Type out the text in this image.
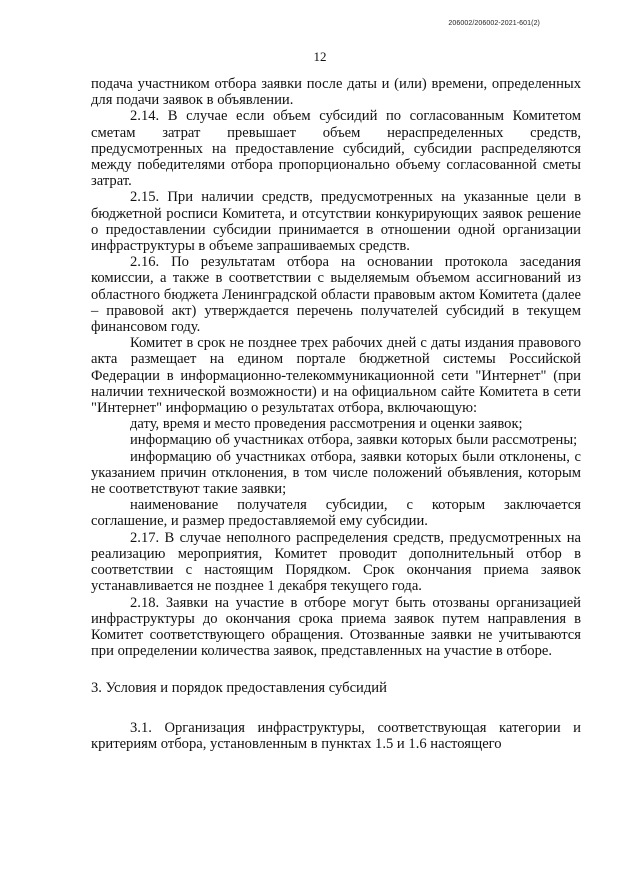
206002/206002-2021-601(2)
12

подача участником отбора заявки после даты и (или) времени, определенных для подачи заявок в объявлении.

2.14. В случае если объем субсидий по согласованным Комитетом сметам затрат превышает объем нераспределенных средств, предусмотренных на предоставление субсидий, субсидии распределяются между победителями отбора пропорционально объему согласованной сметы затрат.

2.15. При наличии средств, предусмотренных на указанные цели в бюджетной росписи Комитета, и отсутствии конкурирующих заявок решение о предоставлении субсидии принимается в отношении одной организации инфраструктуры в объеме запрашиваемых средств.

2.16. По результатам отбора на основании протокола заседания комиссии, а также в соответствии с выделяемым объемом ассигнований из областного бюджета Ленинградской области правовым актом Комитета (далее – правовой акт) утверждается перечень получателей субсидий в текущем финансовом году.

Комитет в срок не позднее трех рабочих дней с даты издания правового акта размещает на едином портале бюджетной системы Российской Федерации в информационно-телекоммуникационной сети "Интернет" (при наличии технической возможности) и на официальном сайте Комитета в сети "Интернет" информацию о результатах отбора, включающую:

дату, время и место проведения рассмотрения и оценки заявок;

информацию об участниках отбора, заявки которых были рассмотрены;

информацию об участниках отбора, заявки которых были отклонены, с указанием причин отклонения, в том числе положений объявления, которым не соответствуют такие заявки;

наименование получателя субсидии, с которым заключается соглашение, и размер предоставляемой ему субсидии.

2.17. В случае неполного распределения средств, предусмотренных на реализацию мероприятия, Комитет проводит дополнительный отбор в соответствии с настоящим Порядком. Срок окончания приема заявок устанавливается не позднее 1 декабря текущего года.

2.18. Заявки на участие в отборе могут быть отозваны организацией инфраструктуры до окончания срока приема заявок путем направления в Комитет соответствующего обращения. Отозванные заявки не учитываются при определении количества заявок, представленных на участие в отборе.

3. Условия и порядок предоставления субсидий

3.1. Организация инфраструктуры, соответствующая категории и критериям отбора, установленным в пунктах 1.5 и 1.6 настоящего
